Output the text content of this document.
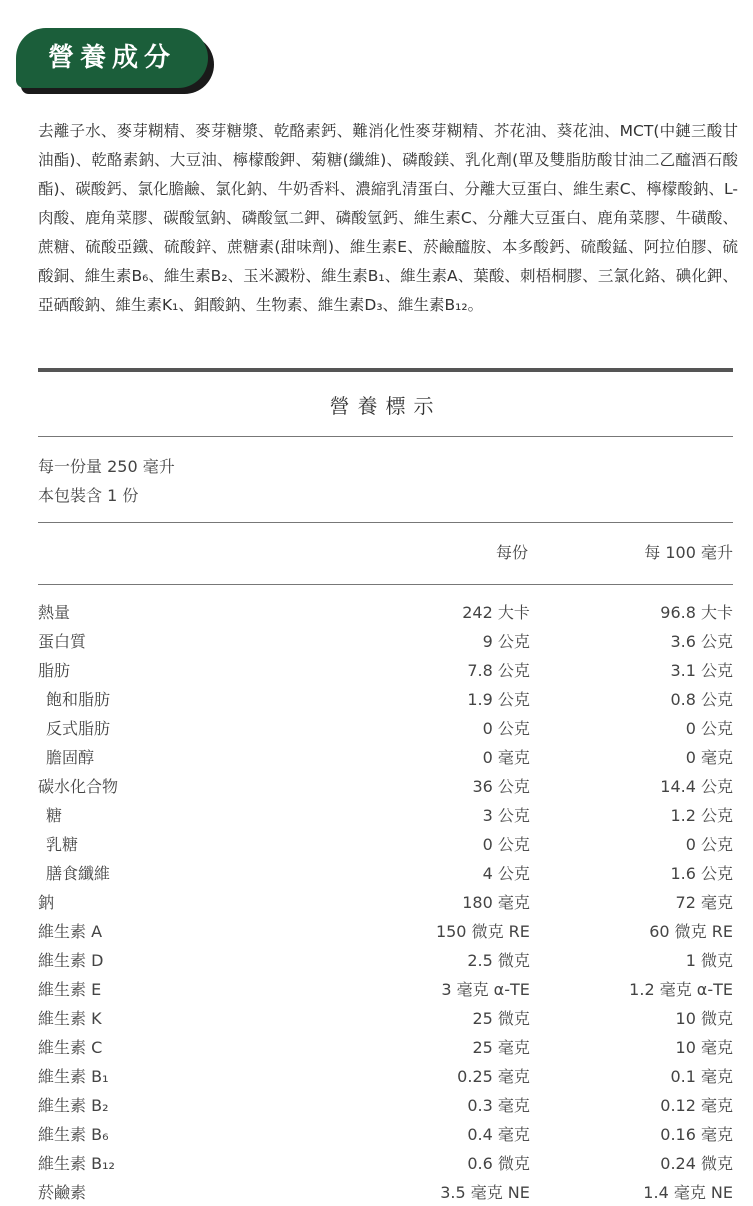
營養成分

去離子水、麥芽糊精、麥芽糖漿、乾酪素鈣、難消化性麥芽糊精、芥花油、葵花油、MCT(中鏈三酸甘油酯)、乾酪素鈉、大豆油、檸檬酸鉀、菊糖(纖維)、磷酸鎂、乳化劑(單及雙脂肪酸甘油二乙醯酒石酸酯)、碳酸鈣、氯化膽鹼、氯化鈉、牛奶香料、濃縮乳清蛋白、分離大豆蛋白、維生素C、檸檬酸鈉、L-肉酸、鹿角菜膠、碳酸氫鈉、磷酸氫二鉀、磷酸氫鈣、維生素C、分離大豆蛋白、鹿角菜膠、牛磺酸、蔗糖、硫酸亞鐵、硫酸鋅、蔗糖素(甜味劑)、維生素E、菸鹼醯胺、本多酸鈣、硫酸錳、阿拉伯膠、硫酸銅、維生素B₆、維生素B₂、玉米澱粉、維生素B₁、維生素A、葉酸、刺梧桐膠、三氯化鉻、碘化鉀、亞硒酸鈉、維生素K₁、鉬酸鈉、生物素、維生素D₃、維生素B₁₂。

營養標示
每一份量 250 毫升
本包裝含 1 份
每份	每 100 毫升
熱量	242 大卡	96.8 大卡
蛋白質	9 公克	3.6 公克
脂肪	7.8 公克	3.1 公克
飽和脂肪	1.9 公克	0.8 公克
反式脂肪	0 公克	0 公克
膽固醇	0 毫克	0 毫克
碳水化合物	36 公克	14.4 公克
糖	3 公克	1.2 公克
乳糖	0 公克	0 公克
膳食纖維	4 公克	1.6 公克
鈉	180 毫克	72 毫克
維生素 A	150 微克 RE	60 微克 RE
維生素 D	2.5 微克	1 微克
維生素 E	3 毫克 α-TE	1.2 毫克 α-TE
維生素 K	25 微克	10 微克
維生素 C	25 毫克	10 毫克
維生素 B₁	0.25 毫克	0.1 毫克
維生素 B₂	0.3 毫克	0.12 毫克
維生素 B₆	0.4 毫克	0.16 毫克
維生素 B₁₂	0.6 微克	0.24 微克
菸鹼素	3.5 毫克 NE	1.4 毫克 NE
